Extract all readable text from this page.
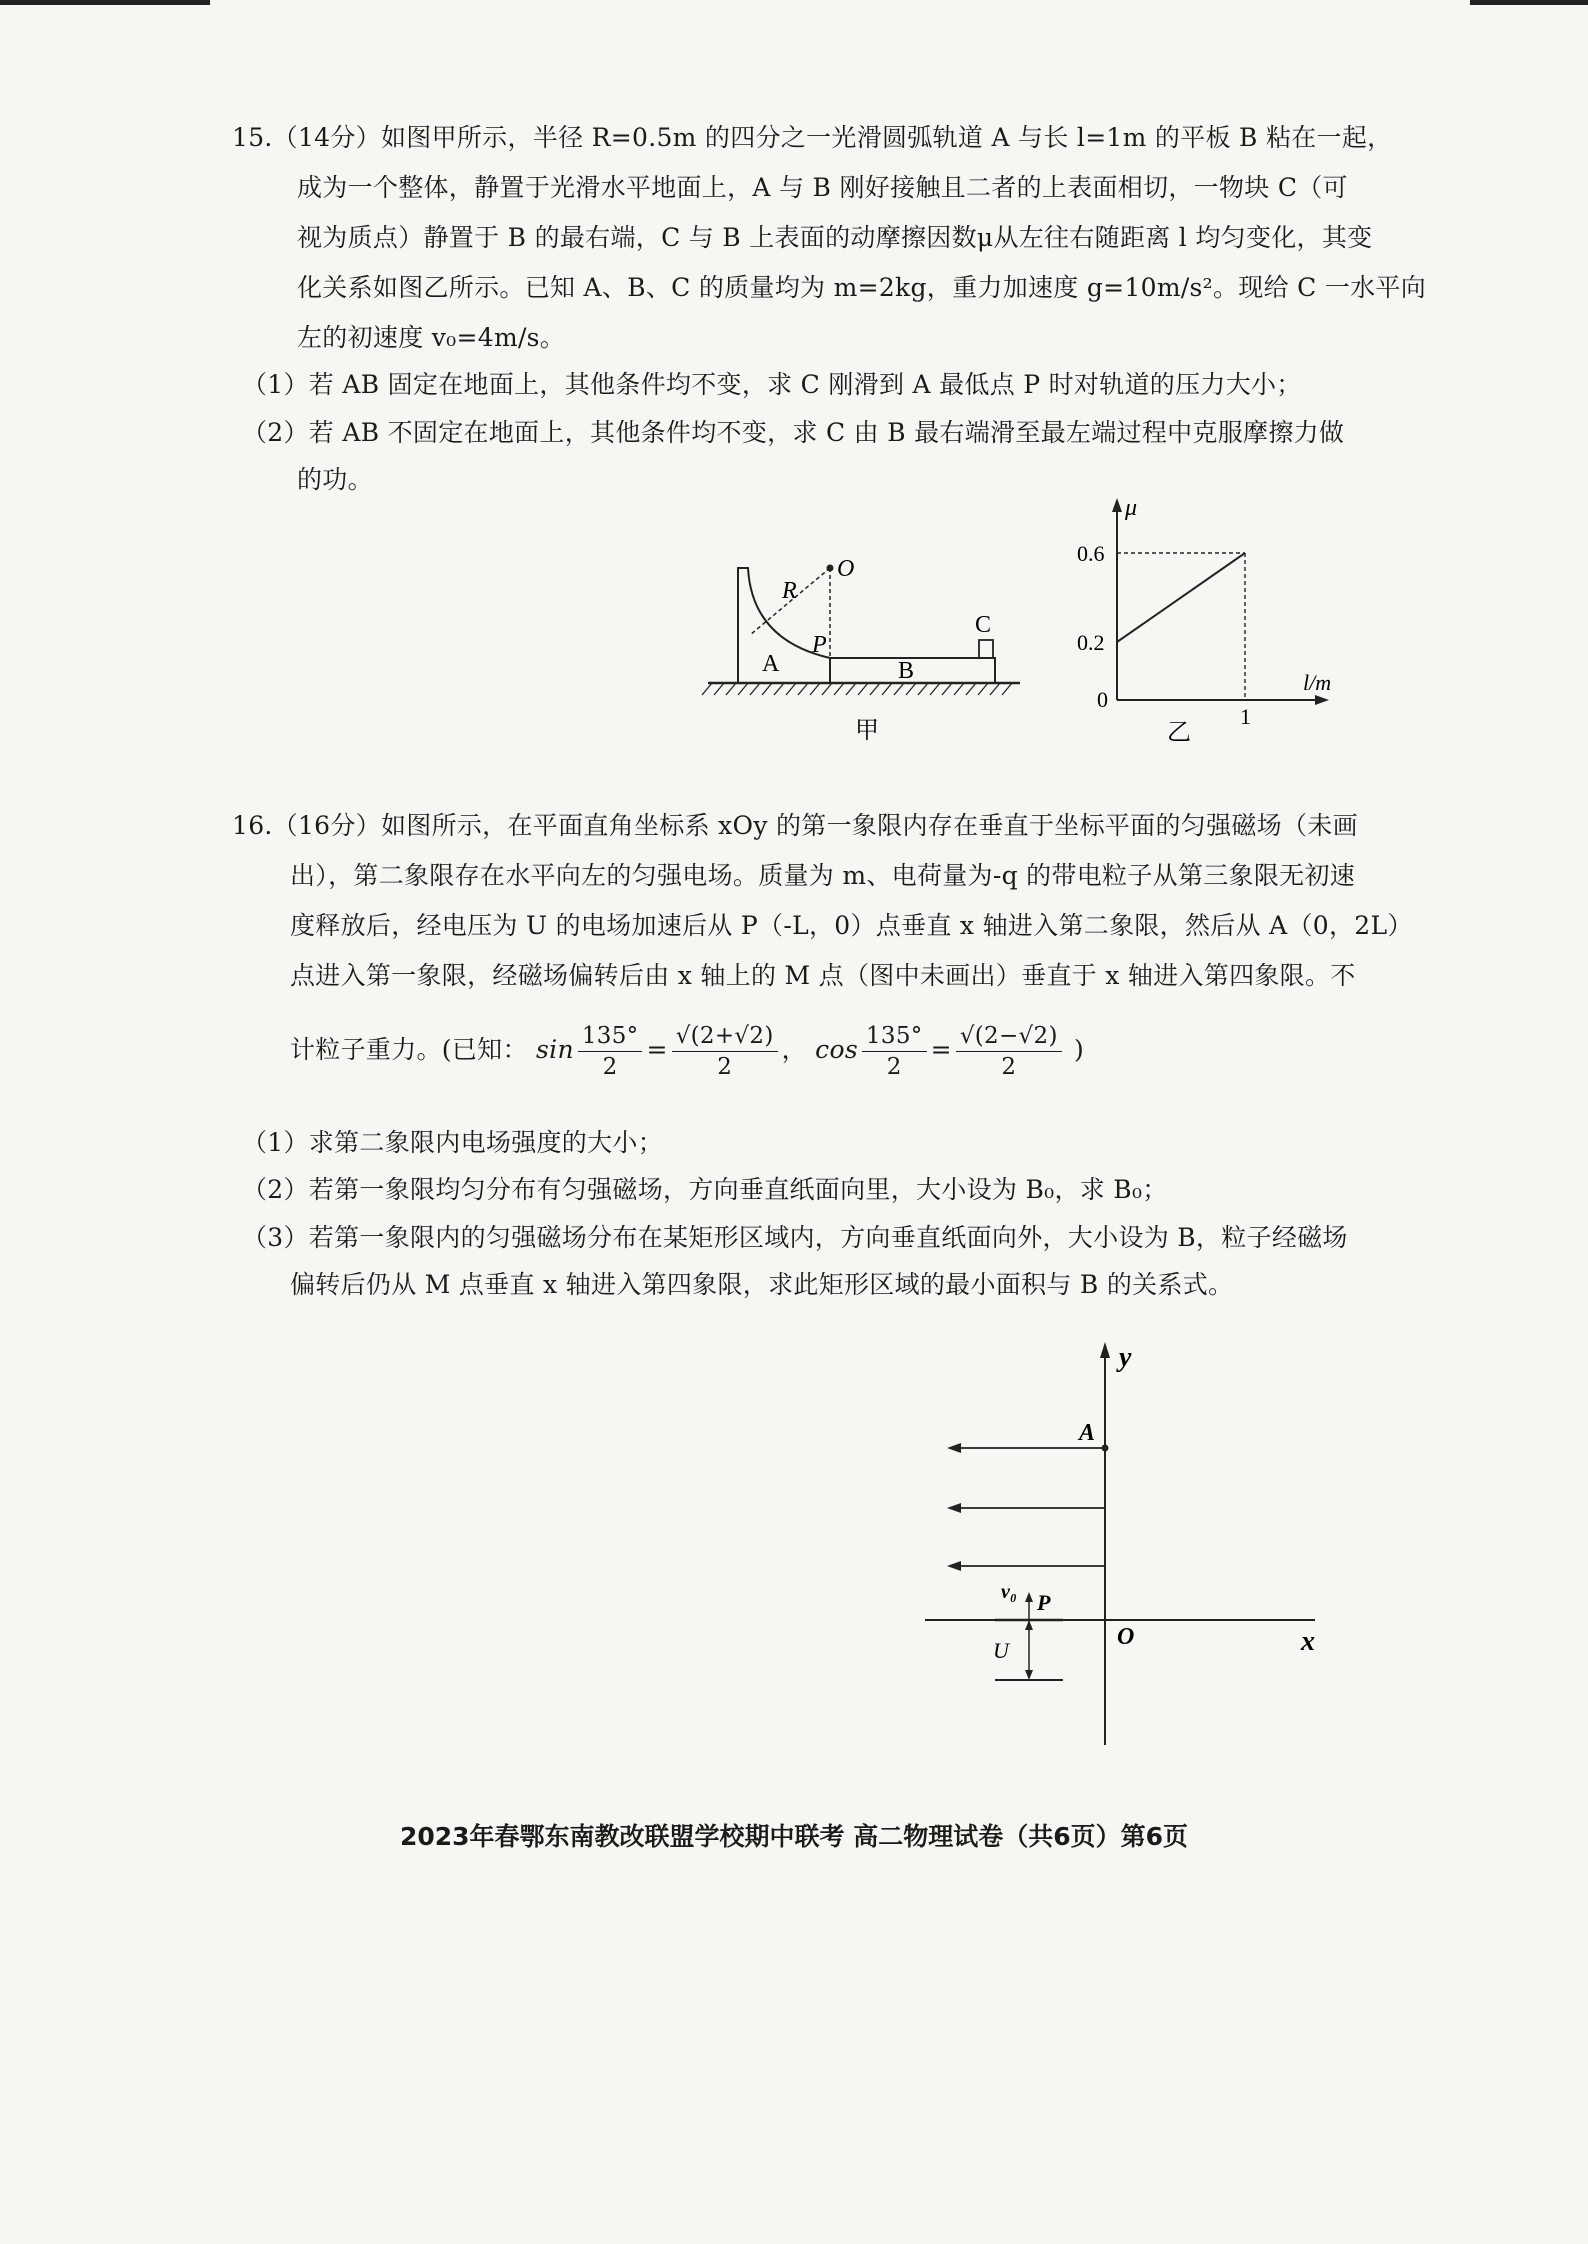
15.（14分）如图甲所示，半径 R=0.5m 的四分之一光滑圆弧轨道 A 与长 l=1m 的平板 B 粘在一起，
成为一个整体，静置于光滑水平地面上，A 与 B 刚好接触且二者的上表面相切，一物块 C（可
视为质点）静置于 B 的最右端，C 与 B 上表面的动摩擦因数μ从左往右随距离 l 均匀变化，其变
化关系如图乙所示。已知 A、B、C 的质量均为 m=2kg，重力加速度 g=10m/s²。现给 C 一水平向
左的初速度 v₀=4m/s。
（1）若 AB 固定在地面上，其他条件均不变，求 C 刚滑到 A 最低点 P 时对轨道的压力大小；
（2）若 AB 不固定在地面上，其他条件均不变，求 C 由 B 最右端滑至最左端过程中克服摩擦力做
的功。
R
O
P
A	B
C
甲
μ
0.6
0.2
0
1
l/m
乙
16.（16分）如图所示，在平面直角坐标系 xOy 的第一象限内存在垂直于坐标平面的匀强磁场（未画
出），第二象限存在水平向左的匀强电场。质量为 m、电荷量为-q 的带电粒子从第三象限无初速
度释放后，经电压为 U 的电场加速后从 P（-L，0）点垂直 x 轴进入第二象限，然后从 A（0，2L）
点进入第一象限，经磁场偏转后由 x 轴上的 M 点（图中未画出）垂直于 x 轴进入第四象限。不
计粒子重力。(已知： $\sin \frac{135^\circ}{2} = \frac{√(2+√2)}{2}$ ， $\cos \frac{135^\circ}{2} = \frac{√(2-√2)}{2}$ )
（1）求第二象限内电场强度的大小；
（2）若第一象限均匀分布有匀强磁场，方向垂直纸面向里，大小设为 B₀，求 B₀；
（3）若第一象限内的匀强磁场分布在某矩形区域内，方向垂直纸面向外，大小设为 B，粒子经磁场
偏转后仍从 M 点垂直 x 轴进入第四象限，求此矩形区域的最小面积与 B 的关系式。
y
x
A
O
P
v₀
U
2023年春鄂东南教改联盟学校期中联考 高二物理试卷（共6页）第6页
